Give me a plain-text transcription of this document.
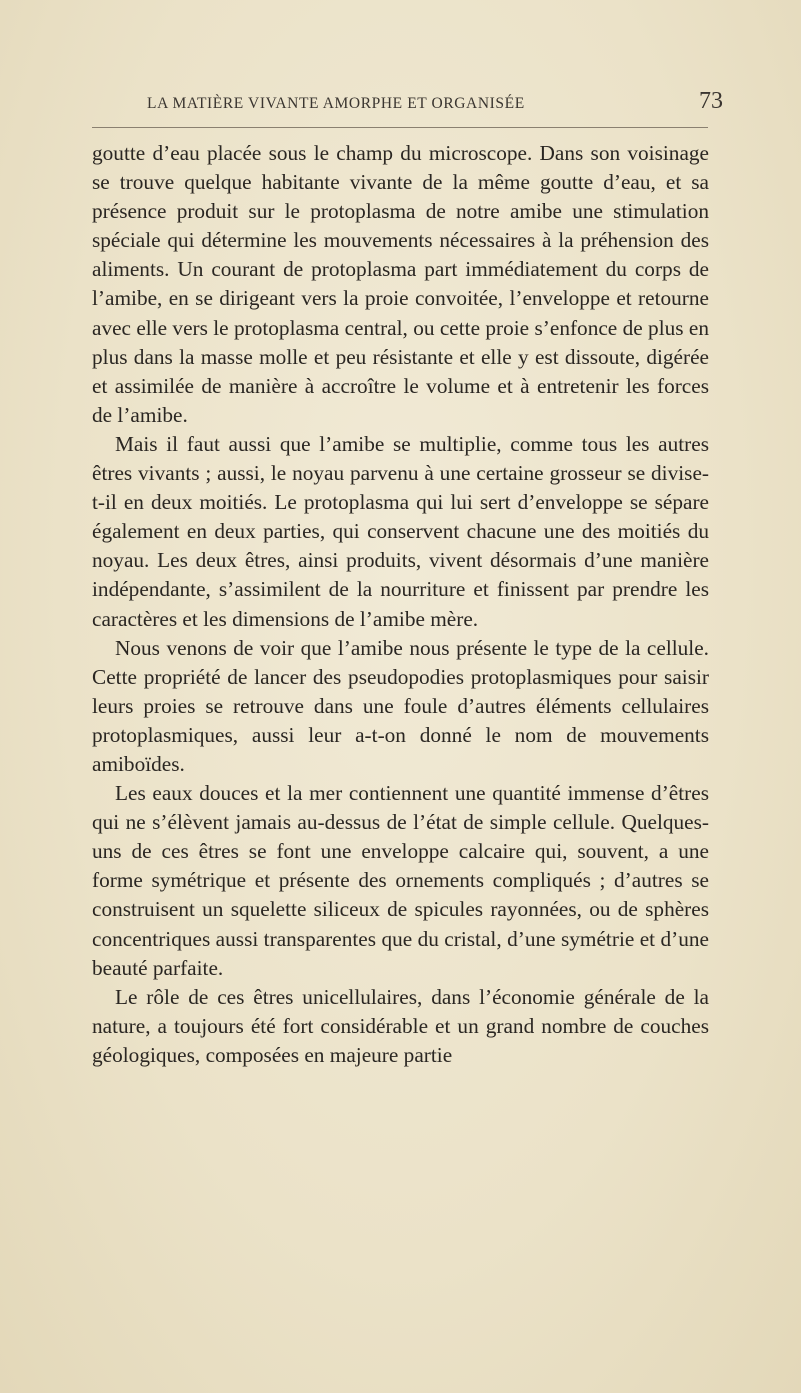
LA MATIÈRE VIVANTE AMORPHE ET ORGANISÉE	73

goutte d’eau placée sous le champ du microscope. Dans son voisinage se trouve quelque habitante vivante de la même goutte d’eau, et sa présence produit sur le protoplasma de notre amibe une stimulation spéciale qui détermine les mouvements nécessaires à la préhension des aliments. Un courant de protoplasma part immédiatement du corps de l’amibe, en se dirigeant vers la proie convoitée, l’enveloppe et retourne avec elle vers le protoplasma central, ou cette proie s’enfonce de plus en plus dans la masse molle et peu résistante et elle y est dissoute, digérée et assimilée de manière à accroître le volume et à entretenir les forces de l’amibe.

Mais il faut aussi que l’amibe se multiplie, comme tous les autres êtres vivants ; aussi, le noyau parvenu à une certaine grosseur se divise-t-il en deux moitiés. Le protoplasma qui lui sert d’enveloppe se sépare également en deux parties, qui conservent chacune une des moitiés du noyau. Les deux êtres, ainsi produits, vivent désormais d’une manière indépendante, s’assimilent de la nourriture et finissent par prendre les caractères et les dimensions de l’amibe mère.

Nous venons de voir que l’amibe nous présente le type de la cellule. Cette propriété de lancer des pseudopodies protoplasmiques pour saisir leurs proies se retrouve dans une foule d’autres éléments cellulaires protoplasmiques, aussi leur a-t-on donné le nom de mouvements amiboïdes.

Les eaux douces et la mer contiennent une quantité immense d’êtres qui ne s’élèvent jamais au-dessus de l’état de simple cellule. Quelques-uns de ces êtres se font une enveloppe calcaire qui, souvent, a une forme symétrique et présente des ornements compliqués ; d’autres se construisent un squelette siliceux de spicules rayonnées, ou de sphères concentriques aussi transparentes que du cristal, d’une symétrie et d’une beauté parfaite.

Le rôle de ces êtres unicellulaires, dans l’économie générale de la nature, a toujours été fort considérable et un grand nombre de couches géologiques, composées en majeure partie
